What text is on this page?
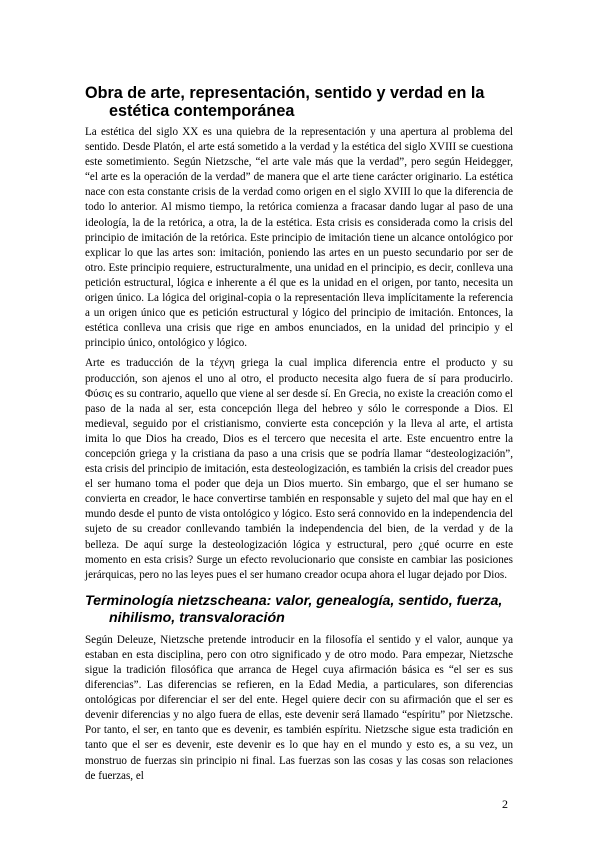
Obra de arte, representación, sentido y verdad en la estética contemporánea

La estética del siglo XX es una quiebra de la representación y una apertura al problema del sentido. Desde Platón, el arte está sometido a la verdad y la estética del siglo XVIII se cuestiona este sometimiento. Según Nietzsche, “el arte vale más que la verdad”, pero según Heidegger, “el arte es la operación de la verdad” de manera que el arte tiene carácter originario. La estética nace con esta constante crisis de la verdad como origen en el siglo XVIII lo que la diferencia de todo lo anterior. Al mismo tiempo, la retórica comienza a fracasar dando lugar al paso de una ideología, la de la retórica, a otra, la de la estética. Esta crisis es considerada como la crisis del principio de imitación de la retórica. Este principio de imitación tiene un alcance ontológico por explicar lo que las artes son: imitación, poniendo las artes en un puesto secundario por ser de otro. Este principio requiere, estructuralmente, una unidad en el principio, es decir, conlleva una petición estructural, lógica e inherente a él que es la unidad en el origen, por tanto, necesita un origen único. La lógica del original-copia o la representación lleva implícitamente la referencia a un origen único que es petición estructural y lógico del principio de imitación. Entonces, la estética conlleva una crisis que rige en ambos enunciados, en la unidad del principio y el principio único, ontológico y lógico.

Arte es traducción de la τέχνη griega la cual implica diferencia entre el producto y su producción, son ajenos el uno al otro, el producto necesita algo fuera de sí para producirlo. Φύσις es su contrario, aquello que viene al ser desde sí. En Grecia, no existe la creación como el paso de la nada al ser, esta concepción llega del hebreo y sólo le corresponde a Dios. El medieval, seguido por el cristianismo, convierte esta concepción y la lleva al arte, el artista imita lo que Dios ha creado, Dios es el tercero que necesita el arte. Este encuentro entre la concepción griega y la cristiana da paso a una crisis que se podría llamar “desteologización”, esta crisis del principio de imitación, esta desteologización, es también la crisis del creador pues el ser humano toma el poder que deja un Dios muerto. Sin embargo, que el ser humano se convierta en creador, le hace convertirse también en responsable y sujeto del mal que hay en el mundo desde el punto de vista ontológico y lógico. Esto será connovido en la independencia del sujeto de su creador conllevando también la independencia del bien, de la verdad y de la belleza. De aquí surge la desteologización lógica y estructural, pero ¿qué ocurre en este momento en esta crisis? Surge un efecto revolucionario que consiste en cambiar las posiciones jerárquicas, pero no las leyes pues el ser humano creador ocupa ahora el lugar dejado por Dios.

Terminología nietzscheana: valor, genealogía, sentido, fuerza, nihilismo, transvaloración

Según Deleuze, Nietzsche pretende introducir en la filosofía el sentido y el valor, aunque ya estaban en esta disciplina, pero con otro significado y de otro modo. Para empezar, Nietzsche sigue la tradición filosófica que arranca de Hegel cuya afirmación básica es “el ser es sus diferencias”. Las diferencias se refieren, en la Edad Media, a particulares, son diferencias ontológicas por diferenciar el ser del ente. Hegel quiere decir con su afirmación que el ser es devenir diferencias y no algo fuera de ellas, este devenir será llamado “espíritu” por Nietzsche. Por tanto, el ser, en tanto que es devenir, es también espíritu. Nietzsche sigue esta tradición en tanto que el ser es devenir, este devenir es lo que hay en el mundo y esto es, a su vez, un monstruo de fuerzas sin principio ni final. Las fuerzas son las cosas y las cosas son relaciones de fuerzas, el

2
